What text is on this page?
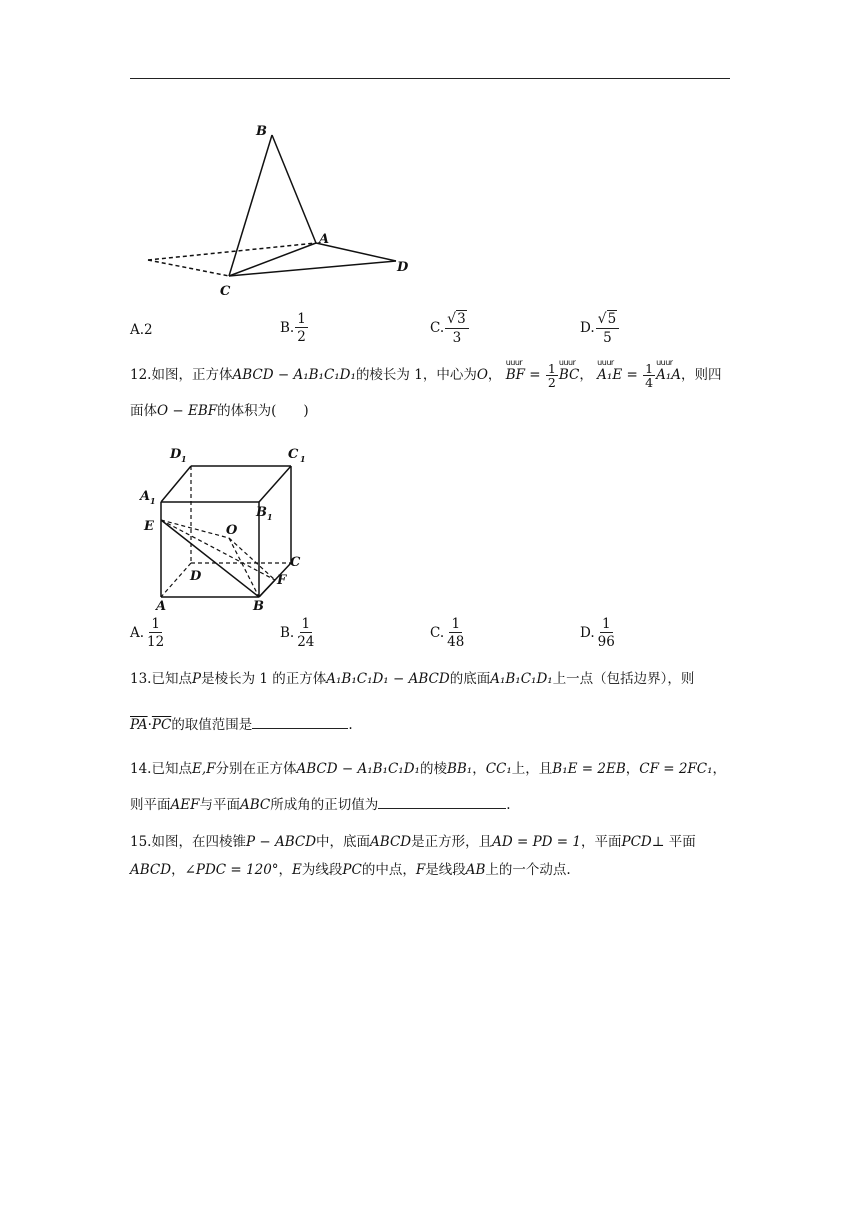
B
A
C
D
A. 2	B. $\frac{1}{2}$	C. $\frac{√3}{3}$	D. $\frac{√5}{5}$
12.如图，正方体ABCD − A₁B₁C₁D₁的棱长为 1，中心为O，
uuur
BF = $\frac{1}{2}$ uuur
BC，
uuur
$A_1E = \frac{1}{4}$ uuur
A₁A，则四
面体O − EBF的体积为(　　)
D 1	C 1
A 1
B 1
E	O
C
D	F
A	B
A. $\frac{1}{12}$	B. $\frac{1}{24}$	C. $\frac{1}{48}$	D. $\frac{1}{96}$
13.已知点P是棱长为 1 的正方体A₁B₁C₁D₁ − ABCD的底面A₁B₁C₁D₁上一点（包括边界），则
$\overline{PA}\cdot\overline{PC}$的取值范围是	.
14.已知点E,F分别在正方体ABCD − A₁B₁C₁D₁的棱BB₁，CC₁上，且B₁E = 2EB，CF = 2FC₁，
则平面AEF与平面ABC所成角的正切值为	.
15.如图，在四棱锥P − ABCD中，底面ABCD是正方形，且AD = PD = 1，平面PCD⊥ 平面
ABCD，∠PDC = 120°，E为线段PC的中点，F是线段AB上的一个动点.
